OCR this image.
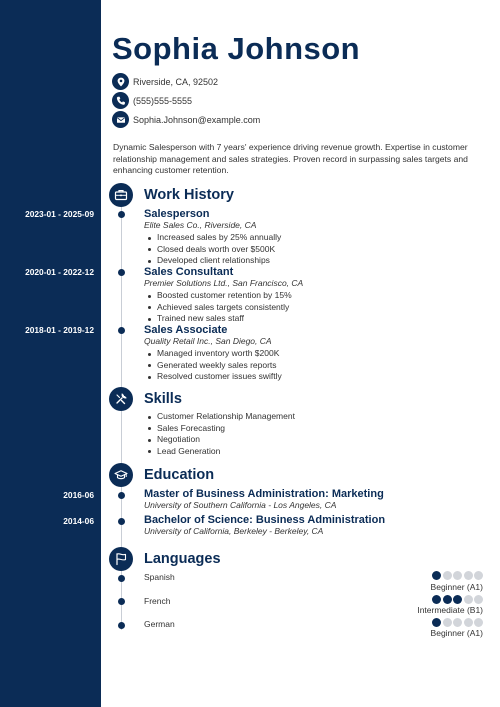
Sophia Johnson
Riverside, CA, 92502
(555)555-5555
Sophia.Johnson@example.com

Dynamic Salesperson with 7 years' experience driving revenue growth. Expertise in customer relationship management and sales strategies. Proven record in surpassing sales targets and enhancing customer retention.

Work History
2023-01 - 2025-09	Salesperson
Elite Sales Co., Riverside, CA
Increased sales by 25% annually
Closed deals worth over $500K
Developed client relationships
2020-01 - 2022-12	Sales Consultant
Premier Solutions Ltd., San Francisco, CA
Boosted customer retention by 15%
Achieved sales targets consistently
Trained new sales staff
2018-01 - 2019-12	Sales Associate
Quality Retail Inc., San Diego, CA
Managed inventory worth $200K
Generated weekly sales reports
Resolved customer issues swiftly
Skills
Customer Relationship Management
Sales Forecasting
Negotiation
Lead Generation
Education
2016-06	Master of Business Administration: Marketing
University of Southern California - Los Angeles, CA
2014-06	Bachelor of Science: Business Administration
University of California, Berkeley - Berkeley, CA
Languages
Spanish
Beginner (A1)
French
Intermediate (B1)
German
Beginner (A1)
